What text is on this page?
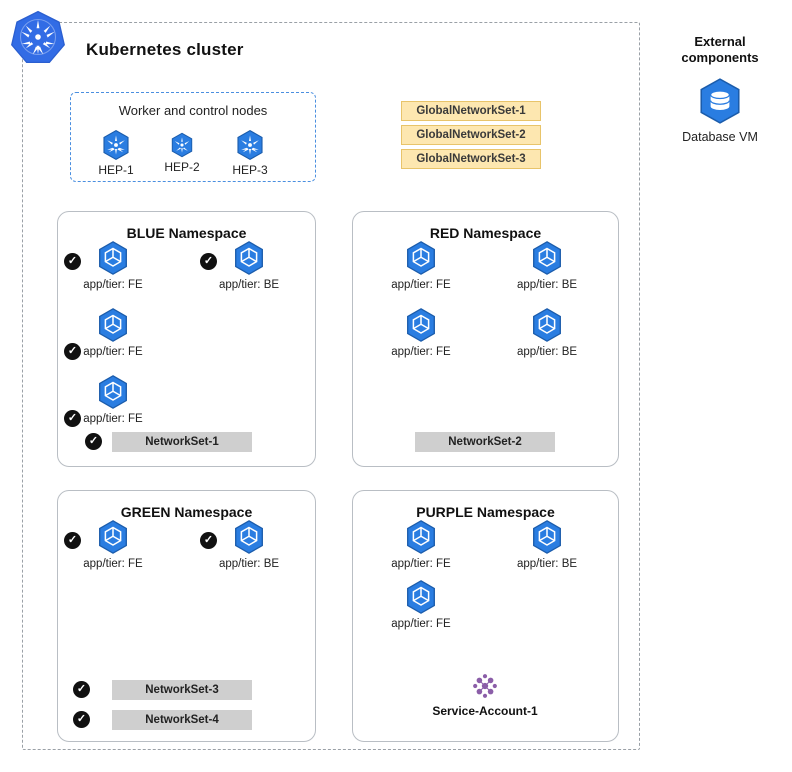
Kubernetes cluster
Worker and control nodes
HEP-1	HEP-2	HEP-3
GlobalNetworkSet-1
GlobalNetworkSet-2
GlobalNetworkSet-3
BLUE Namespace
app/tier: FE
✓
app/tier: BE
✓
app/tier: FE
✓
app/tier: FE
✓
NetworkSet-1
✓
RED Namespace
app/tier: FE	app/tier: BE
app/tier: FE	app/tier: BE
NetworkSet-2
GREEN Namespace
app/tier: FE
✓
app/tier: BE
✓
NetworkSet-3
✓
NetworkSet-4
✓
PURPLE Namespace
app/tier: FE	app/tier: BE
app/tier: FE
Service-Account-1
External
components
Database VM
